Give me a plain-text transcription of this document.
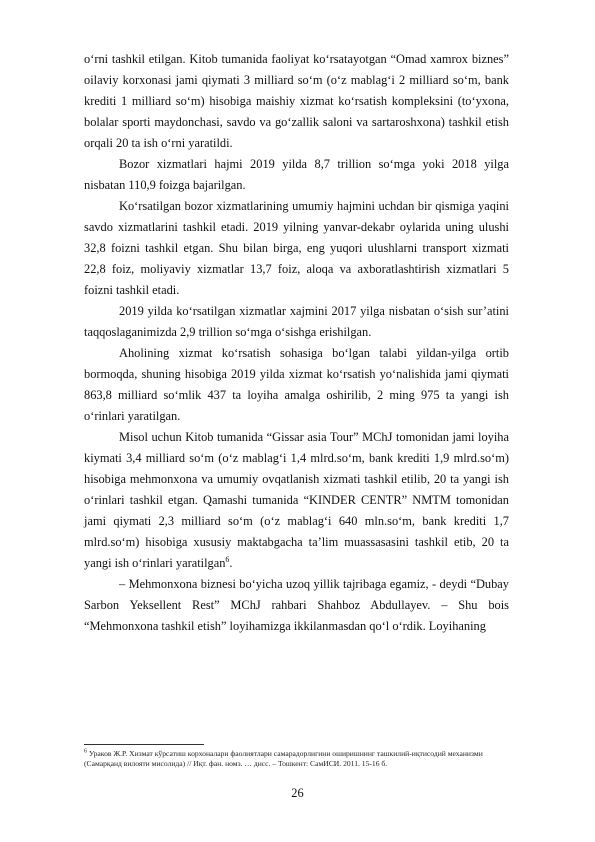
o‘rni tashkil etilgan. Kitob tumanida faoliyat ko‘rsatayotgan “Omad xamrox biznes” oilaviy korxonasi jami qiymati 3 milliard so‘m (o‘z mablag‘i 2 milliard so‘m, bank krediti 1 milliard so‘m) hisobiga maishiy xizmat ko‘rsatish kompleksini (to‘yxona, bolalar sporti maydonchasi, savdo va go‘zallik saloni va sartaroshxona) tashkil etish orqali 20 ta ish o‘rni yaratildi.

Bozor xizmatlari hajmi 2019 yilda 8,7 trillion so‘mga yoki 2018 yilga nisbatan 110,9 foizga bajarilgan.

Ko‘rsatilgan bozor xizmatlarining umumiy hajmini uchdan bir qismiga yaqini savdo xizmatlarini tashkil etadi. 2019 yilning yanvar-dekabr oylarida uning ulushi 32,8 foizni tashkil etgan. Shu bilan birga, eng yuqori ulushlarni transport xizmati 22,8 foiz, moliyaviy xizmatlar 13,7 foiz, aloqa va axboratlashtirish xizmatlari 5 foizni tashkil etadi.

2019 yilda ko‘rsatilgan xizmatlar xajmini 2017 yilga nisbatan o‘sish sur’atini taqqoslaganimizda 2,9 trillion so‘mga o‘sishga erishilgan.

Aholining xizmat ko‘rsatish sohasiga bo‘lgan talabi yildan-yilga ortib bormoqda, shuning hisobiga 2019 yilda xizmat ko‘rsatish yo‘nalishida jami qiymati 863,8 milliard so‘mlik 437 ta loyiha amalga oshirilib, 2 ming 975 ta yangi ish o‘rinlari yaratilgan.

Misol uchun Kitob tumanida “Gissar asia Tour” MChJ tomonidan jami loyiha kiymati 3,4 milliard so‘m (o‘z mablag‘i 1,4 mlrd.so‘m, bank krediti 1,9 mlrd.so‘m) hisobiga mehmonxona va umumiy ovqatlanish xizmati tashkil etilib, 20 ta yangi ish o‘rinlari tashkil etgan. Qamashi tumanida “KINDER CENTR” NMTM tomonidan jami qiymati 2,3 milliard so‘m (o‘z mablag‘i 640 mln.so‘m, bank krediti 1,7 mlrd.so‘m) hisobiga xususiy maktabgacha ta’lim muassasasini tashkil etib, 20 ta yangi ish o‘rinlari yaratilgan$^6$.

– Mehmonxona biznesi bo‘yicha uzoq yillik tajribaga egamiz, - deydi “Dubay Sarbon Yeksellent Rest” MChJ rahbari Shahboz Abdullayev. – Shu bois “Mehmonxona tashkil etish” loyihamizga ikkilanmasdan qo‘l o‘rdik. Loyihaning

$^6$ Ураков Ж.Р. Хизмат кўрсатиш корхоналари фаолиятлари самарадорлигини оширишнинг ташкилий-иқтисодий механизми (Самарқанд вилояти мисолида) // Иқт. фан. номз. … дисс. – Тошкент: СамИСИ. 2011. 15-16 б.
26
